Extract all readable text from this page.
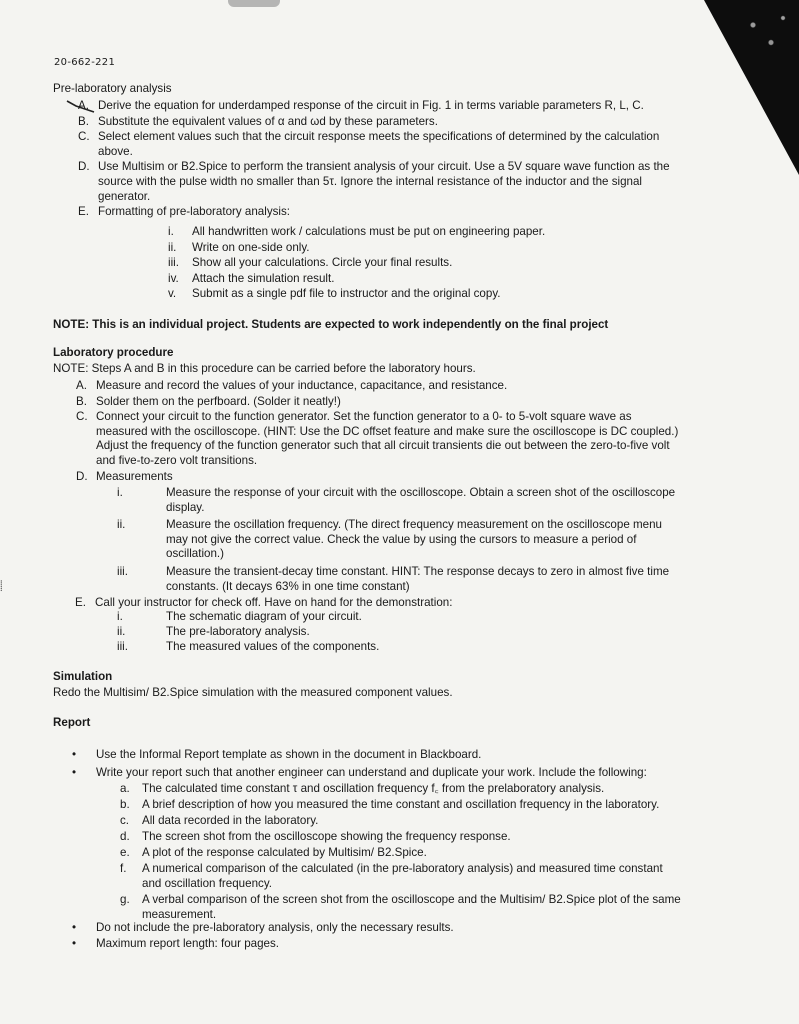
20-662-221
Pre-laboratory analysis
A. Derive the equation for underdamped response of the circuit in Fig. 1 in terms variable parameters R, L, C.
B. Substitute the equivalent values of α and ωd by these parameters.
C. Select element values such that the circuit response meets the specifications of determined by the calculation
above.
D. Use Multisim or B2.Spice to perform the transient analysis of your circuit. Use a 5V square wave function as the
source with the pulse width no smaller than 5τ. Ignore the internal resistance of the inductor and the signal
generator.
E. Formatting of pre-laboratory analysis:
i. All handwritten work / calculations must be put on engineering paper.
ii. Write on one-side only.
iii. Show all your calculations. Circle your final results.
iv. Attach the simulation result.
v. Submit as a single pdf file to instructor and the original copy.
NOTE: This is an individual project. Students are expected to work independently on the final project
Laboratory procedure
NOTE: Steps A and B in this procedure can be carried before the laboratory hours.
A. Measure and record the values of your inductance, capacitance, and resistance.
B. Solder them on the perfboard. (Solder it neatly!)
C. Connect your circuit to the function generator. Set the function generator to a 0- to 5-volt square wave as
measured with the oscilloscope. (HINT: Use the DC offset feature and make sure the oscilloscope is DC coupled.)
Adjust the frequency of the function generator such that all circuit transients die out between the zero-to-five volt
and five-to-zero volt transitions.
D. Measurements
i.	Measure the response of your circuit with the oscilloscope. Obtain a screen shot of the oscilloscope
display.
ii.	Measure the oscillation frequency. (The direct frequency measurement on the oscilloscope menu
may not give the correct value. Check the value by using the cursors to measure a period of
oscillation.)
iii.	Measure the transient-decay time constant. HINT: The response decays to zero in almost five time
constants. (It decays 63% in one time constant)
E. Call your instructor for check off. Have on hand for the demonstration:
i.	The schematic diagram of your circuit.
ii.	The pre-laboratory analysis.
iii.	The measured values of the components.
Simulation
Redo the Multisim/ B2.Spice simulation with the measured component values.
Report
• Use the Informal Report template as shown in the document in Blackboard.
• Write your report such that another engineer can understand and duplicate your work. Include the following:
a. The calculated time constant τ and oscillation frequency f꜀ from the prelaboratory analysis.
b. A brief description of how you measured the time constant and oscillation frequency in the laboratory.
c. All data recorded in the laboratory.
d. The screen shot from the oscilloscope showing the frequency response.
e. A plot of the response calculated by Multisim/ B2.Spice.
f. A numerical comparison of the calculated (in the pre-laboratory analysis) and measured time constant
and oscillation frequency.
g. A verbal comparison of the screen shot from the oscilloscope and the Multisim/ B2.Spice plot of the same
measurement.
• Do not include the pre-laboratory analysis, only the necessary results.
• Maximum report length: four pages.
⸽
